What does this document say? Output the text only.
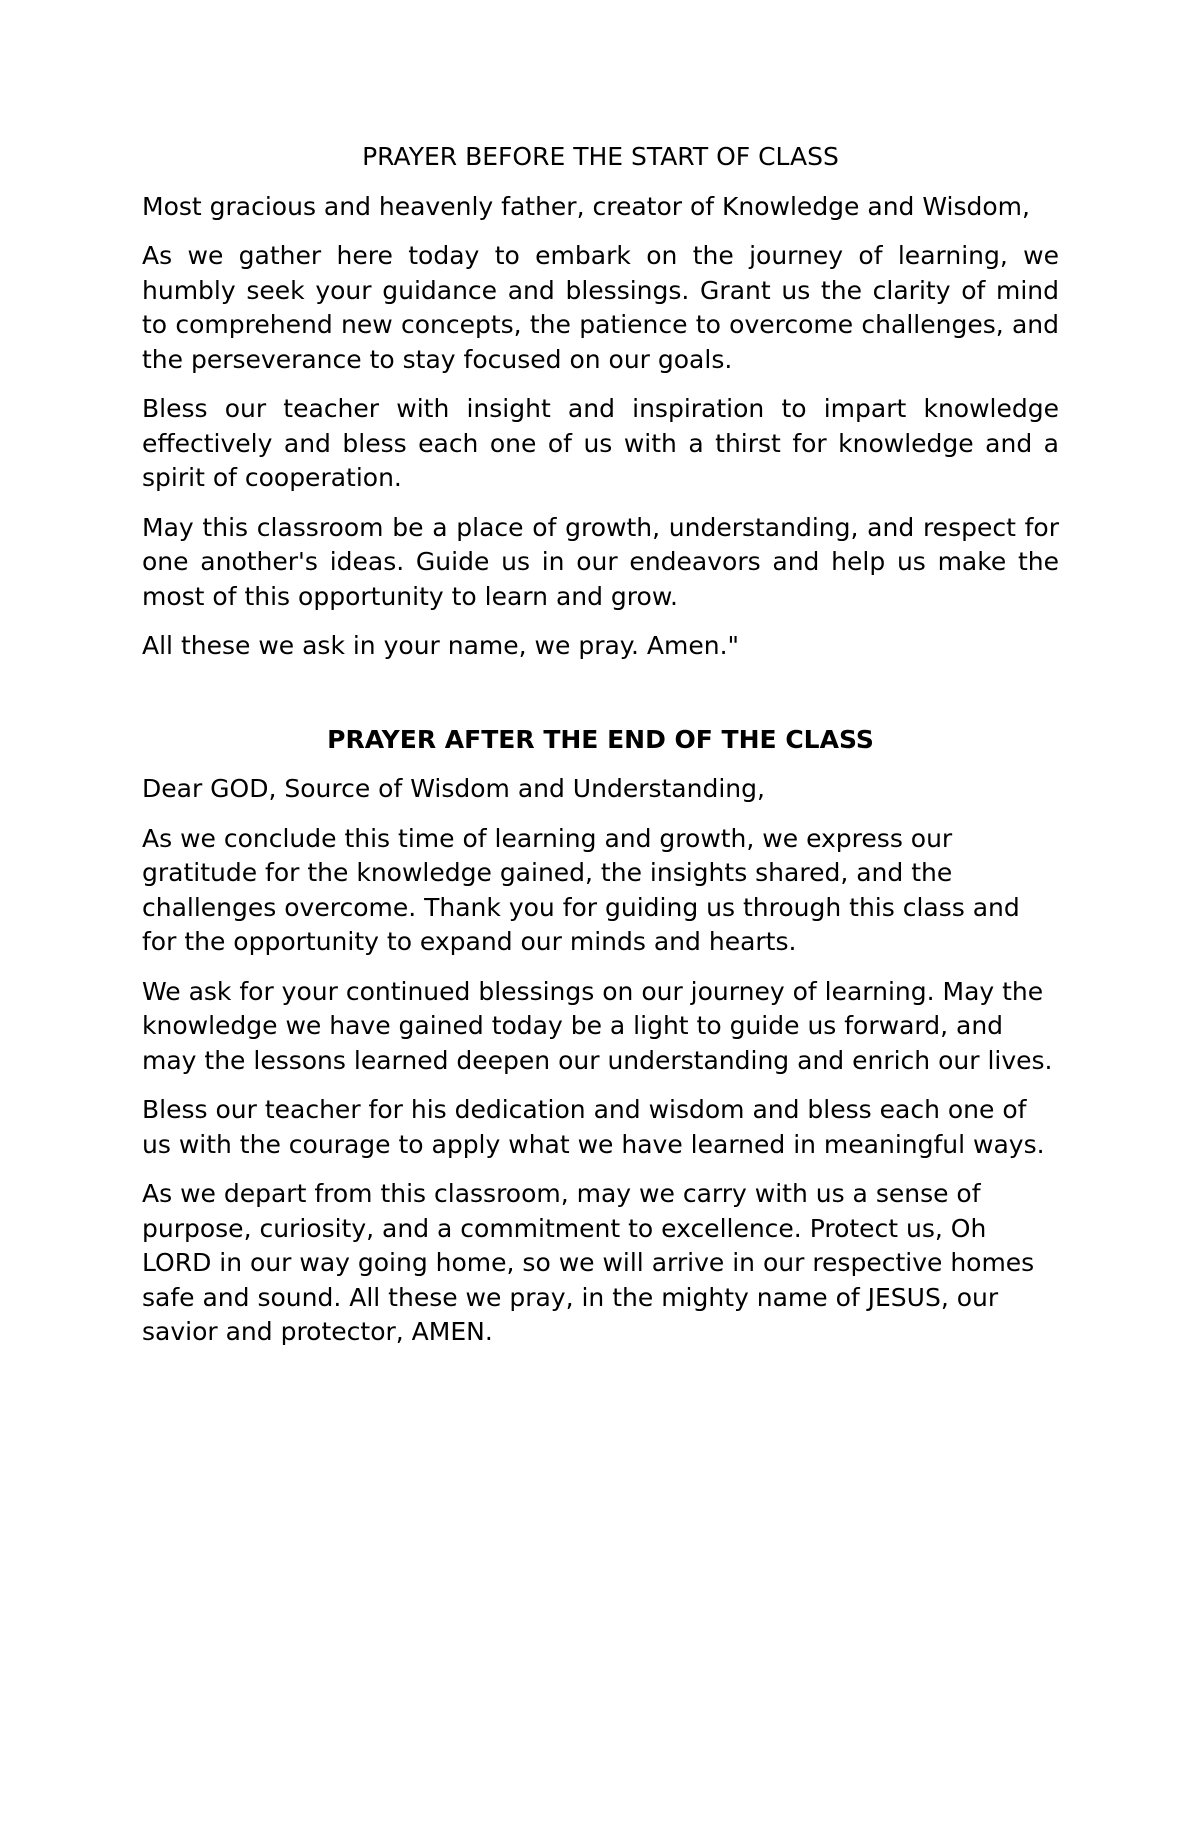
PRAYER BEFORE THE START OF CLASS

Most gracious and heavenly father, creator of Knowledge and Wisdom,

As we gather here today to embark on the journey of learning, we humbly seek your guidance and blessings. Grant us the clarity of mind to comprehend new concepts, the patience to overcome challenges, and the perseverance to stay focused on our goals.

Bless our teacher with insight and inspiration to impart knowledge effectively and bless each one of us with a thirst for knowledge and a spirit of cooperation.

May this classroom be a place of growth, understanding, and respect for one another's ideas. Guide us in our endeavors and help us make the most of this opportunity to learn and grow.

All these we ask in your name, we pray. Amen."

PRAYER AFTER THE END OF THE CLASS

Dear GOD, Source of Wisdom and Understanding,

As we conclude this time of learning and growth, we express our gratitude for the knowledge gained, the insights shared, and the challenges overcome. Thank you for guiding us through this class and for the opportunity to expand our minds and hearts.

We ask for your continued blessings on our journey of learning. May the knowledge we have gained today be a light to guide us forward, and may the lessons learned deepen our understanding and enrich our lives.

Bless our teacher for his dedication and wisdom and bless each one of us with the courage to apply what we have learned in meaningful ways.

As we depart from this classroom, may we carry with us a sense of purpose, curiosity, and a commitment to excellence. Protect us, Oh LORD in our way going home, so we will arrive in our respective homes safe and sound. All these we pray, in the mighty name of JESUS, our savior and protector, AMEN.
